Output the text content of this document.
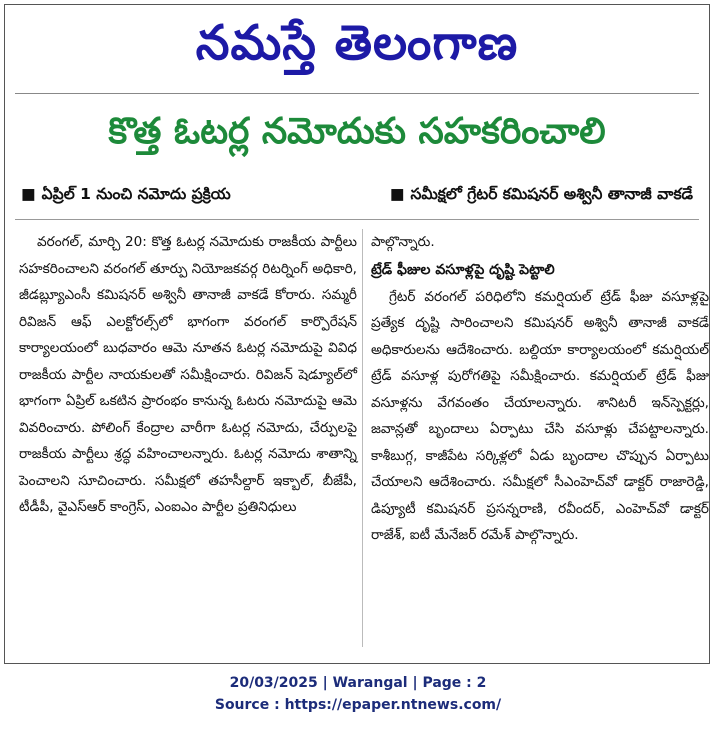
నమస్తే తెలంగాణ
కొత్త ఓటర్ల నమోదుకు సహకరించాలి
■ ఏప్రిల్ 1 నుంచి నమోదు ప్రక్రియ	■ సమీక్షలో గ్రేటర్ కమిషనర్ అశ్వినీ తానాజీ వాకడే

వరంగల్, మార్చి 20: కొత్త ఓటర్ల నమోదుకు రాజకీయ పార్టీలు సహకరించాలని వరంగల్ తూర్పు నియోజకవర్గ రిటర్నింగ్ అధికారి, జీడబ్ల్యూఎంసీ కమిషనర్ అశ్వినీ తానాజీ వాకడే కోరారు. సమ్మరీ రివిజన్ ఆఫ్ ఎలక్టోరల్స్‌లో భాగంగా వరంగల్ కార్పొరేషన్ కార్యాలయంలో బుధవారం ఆమె నూతన ఓటర్ల నమోదుపై వివిధ రాజకీయ పార్టీల నాయకులతో సమీక్షించారు. రివిజన్ షెడ్యూల్‌లో భాగంగా ఏప్రిల్ ఒకటిన ప్రారంభం కానున్న ఓటరు నమోదుపై ఆమె వివరించారు. పోలింగ్ కేంద్రాల వారీగా ఓటర్ల నమోదు, చేర్పులపై రాజకీయ పార్టీలు శ్రద్ధ వహించాలన్నారు. ఓటర్ల నమోదు శాతాన్ని పెంచాలని సూచించారు. సమీక్షలో తహసీల్దార్ ఇక్బాల్, బీజేపీ, టీడీపీ, వైఎస్ఆర్ కాంగ్రెస్, ఎంఐఎం పార్టీల ప్రతినిధులు

పాల్గొన్నారు.
ట్రేడ్ ఫీజుల వసూళ్లపై దృష్టి పెట్టాలి

గ్రేటర్ వరంగల్ పరిధిలోని కమర్షియల్ ట్రేడ్ ఫీజు వసూళ్లపై ప్రత్యేక దృష్టి సారించాలని కమిషనర్ అశ్వినీ తానాజీ వాకడే అధికారులను ఆదేశించారు. బల్దియా కార్యాలయంలో కమర్షియల్ ట్రేడ్ వసూళ్ల పురోగతిపై సమీక్షించారు. కమర్షియల్ ట్రేడ్ ఫీజు వసూళ్లను వేగవంతం చేయాలన్నారు. శానిటరీ ఇన్‌స్పెక్టర్లు, జవాన్లతో బృందాలు ఏర్పాటు చేసి వసూళ్లు చేపట్టాలన్నారు. కాశీబుగ్గ, కాజీపేట సర్కిళ్లలో ఏడు బృందాల చొప్పున ఏర్పాటు చేయాలని ఆదేశించారు. సమీక్షలో సీఎంహెచ్‌వో డాక్టర్ రాజారెడ్డి, డిప్యూటీ కమిషనర్ ప్రసన్నరాణి, రవీందర్, ఎంహెచ్‌వో డాక్టర్ రాజేశ్, ఐటీ మేనేజర్ రమేశ్ పాల్గొన్నారు.

20/03/2025 | Warangal | Page : 2
Source : https://epaper.ntnews.com/
